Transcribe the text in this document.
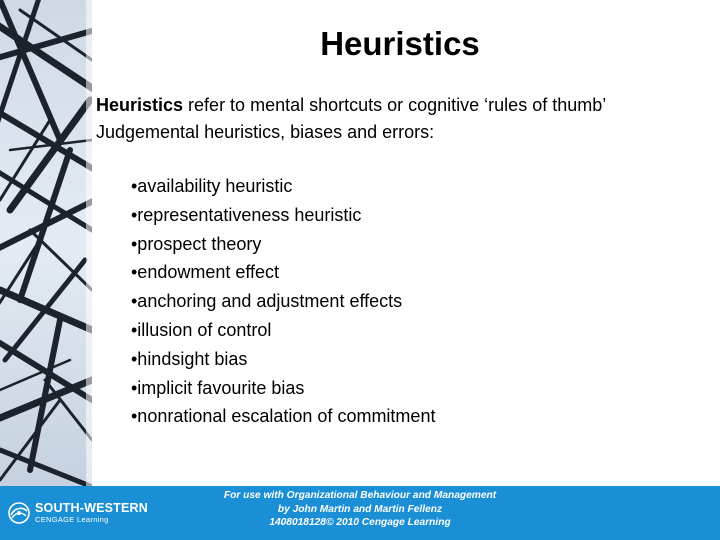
Heuristics

Heuristics refer to mental shortcuts or cognitive ‘rules of thumb’

Judgemental heuristics, biases and errors:

•availability heuristic
•representativeness heuristic
•prospect theory
•endowment effect
•anchoring and adjustment effects
•illusion of control
•hindsight bias
•implicit favourite bias
•nonrational escalation of commitment
SOUTH-WESTERN
CENGAGE Learning
For use with Organizational Behaviour and Management
by John Martin and Martin Fellenz
1408018128© 2010 Cengage Learning
